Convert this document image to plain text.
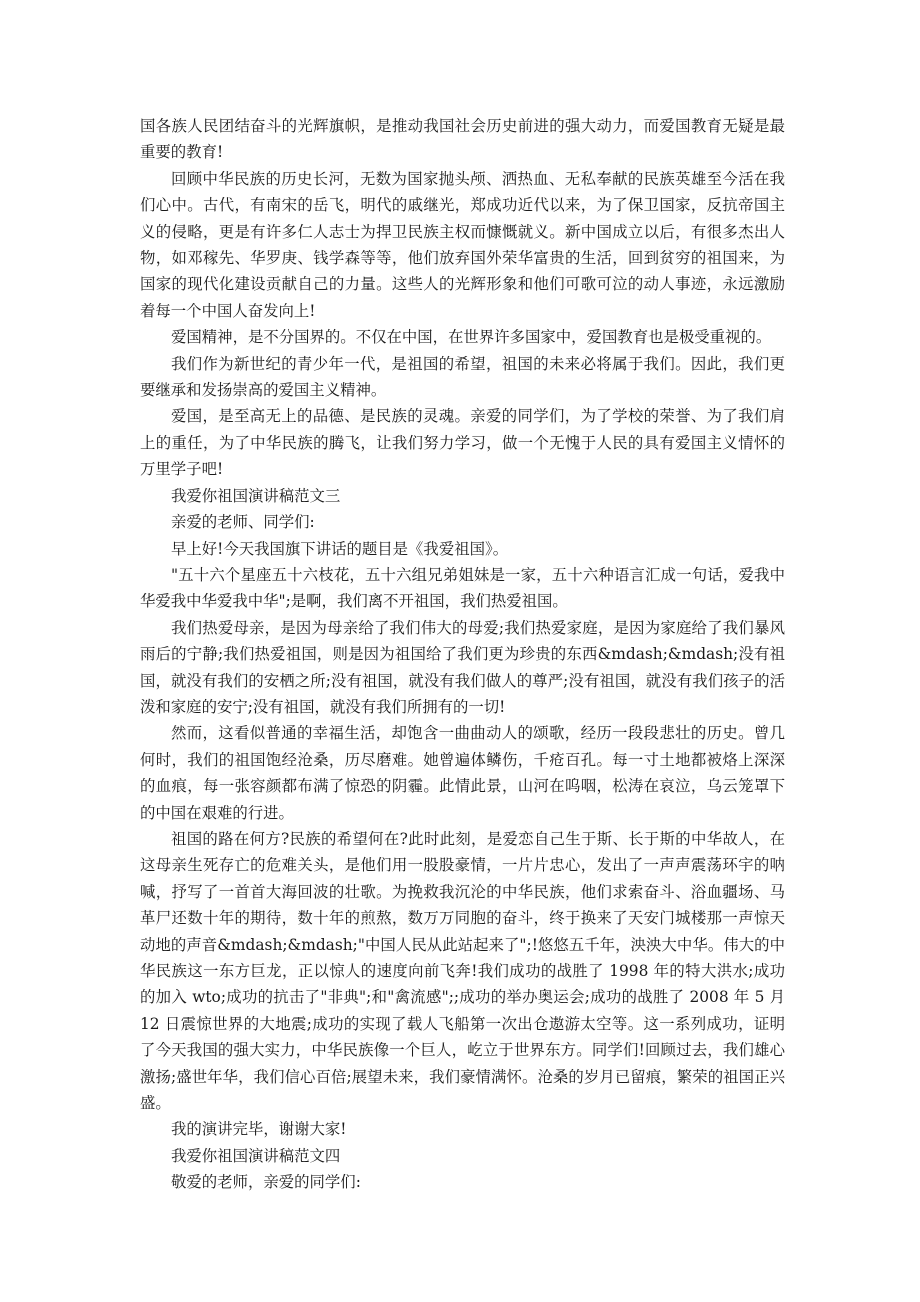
国各族人民团结奋斗的光辉旗帜，是推动我国社会历史前进的强大动力，而爱国教育无疑是最重要的教育!

回顾中华民族的历史长河，无数为国家抛头颅、洒热血、无私奉献的民族英雄至今活在我们心中。古代，有南宋的岳飞，明代的戚继光，郑成功近代以来，为了保卫国家，反抗帝国主义的侵略，更是有许多仁人志士为捍卫民族主权而慷慨就义。新中国成立以后，有很多杰出人物，如邓稼先、华罗庚、钱学森等等，他们放弃国外荣华富贵的生活，回到贫穷的祖国来，为国家的现代化建设贡献自己的力量。这些人的光辉形象和他们可歌可泣的动人事迹，永远激励着每一个中国人奋发向上!

爱国精神，是不分国界的。不仅在中国，在世界许多国家中，爱国教育也是极受重视的。

我们作为新世纪的青少年一代，是祖国的希望，祖国的未来必将属于我们。因此，我们更要继承和发扬崇高的爱国主义精神。

爱国，是至高无上的品德、是民族的灵魂。亲爱的同学们，为了学校的荣誉、为了我们肩上的重任，为了中华民族的腾飞，让我们努力学习，做一个无愧于人民的具有爱国主义情怀的万里学子吧!

我爱你祖国演讲稿范文三

亲爱的老师、同学们:

早上好!今天我国旗下讲话的题目是《我爱祖国》。

"五十六个星座五十六枝花，五十六组兄弟姐妹是一家，五十六种语言汇成一句话，爱我中华爱我中华爱我中华";是啊，我们离不开祖国，我们热爱祖国。

我们热爱母亲，是因为母亲给了我们伟大的母爱;我们热爱家庭，是因为家庭给了我们暴风雨后的宁静;我们热爱祖国，则是因为祖国给了我们更为珍贵的东西&mdash;&mdash;没有祖国，就没有我们的安栖之所;没有祖国，就没有我们做人的尊严;没有祖国，就没有我们孩子的活泼和家庭的安宁;没有祖国，就没有我们所拥有的一切!

然而，这看似普通的幸福生活，却饱含一曲曲动人的颂歌，经历一段段悲壮的历史。曾几何时，我们的祖国饱经沧桑，历尽磨难。她曾遍体鳞伤，千疮百孔。每一寸土地都被烙上深深的血痕，每一张容颜都布满了惊恐的阴霾。此情此景，山河在呜咽，松涛在哀泣，乌云笼罩下的中国在艰难的行进。

祖国的路在何方?民族的希望何在?此时此刻，是爱恋自己生于斯、长于斯的中华故人，在这母亲生死存亡的危难关头，是他们用一股股豪情，一片片忠心，发出了一声声震荡环宇的呐喊，抒写了一首首大海回波的壮歌。为挽救我沉沦的中华民族，他们求索奋斗、浴血疆场、马革尸还数十年的期待，数十年的煎熬，数万万同胞的奋斗，终于换来了天安门城楼那一声惊天动地的声音&mdash;&mdash;"中国人民从此站起来了";!悠悠五千年，泱泱大中华。伟大的中华民族这一东方巨龙，正以惊人的速度向前飞奔!我们成功的战胜了 1998 年的特大洪水;成功的加入 wto;成功的抗击了"非典";和"禽流感";;成功的举办奥运会;成功的战胜了 2008 年 5 月 12 日震惊世界的大地震;成功的实现了载人飞船第一次出仓遨游太空等。这一系列成功，证明了今天我国的强大实力，中华民族像一个巨人，屹立于世界东方。同学们!回顾过去，我们雄心激扬;盛世年华，我们信心百倍;展望未来，我们豪情满怀。沧桑的岁月已留痕，繁荣的祖国正兴盛。

我的演讲完毕，谢谢大家!

我爱你祖国演讲稿范文四

敬爱的老师，亲爱的同学们:
